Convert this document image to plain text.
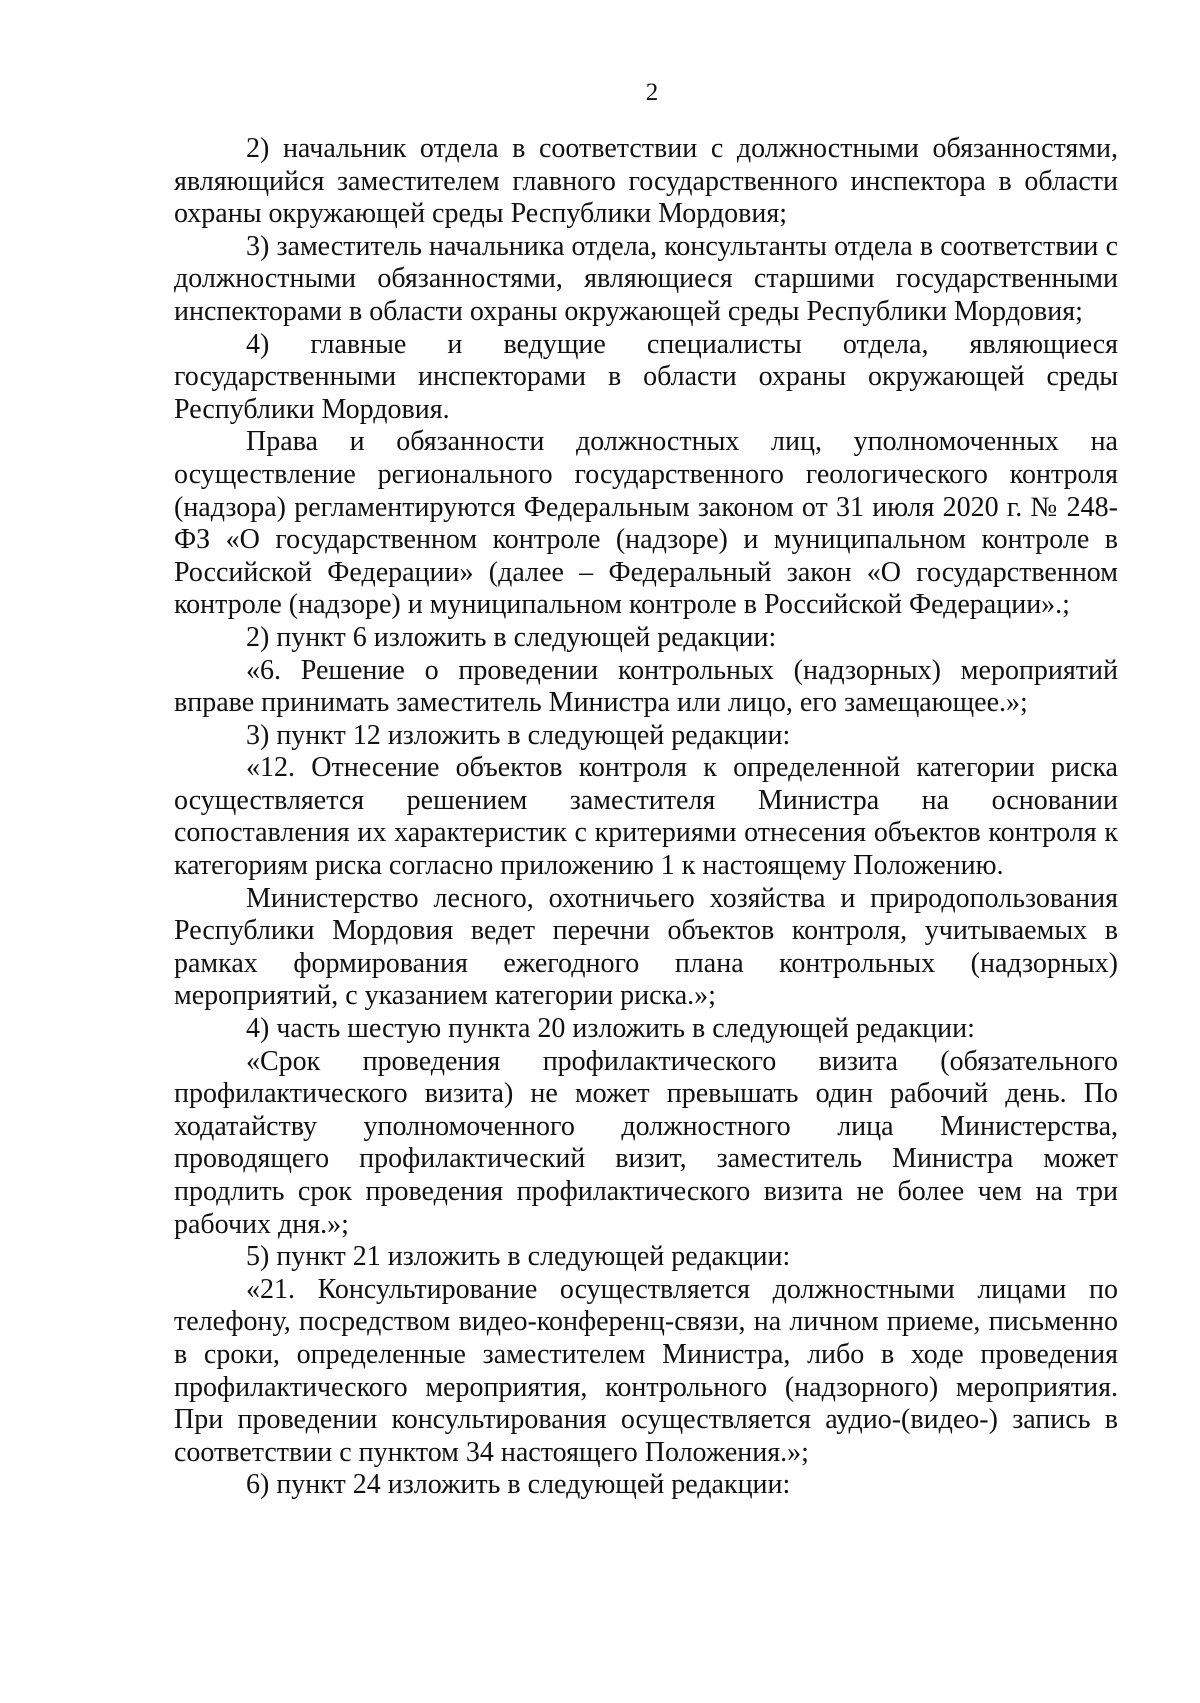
2

2) начальник отдела в соответствии с должностными обязанностями, являющийся заместителем главного государственного инспектора в области охраны окружающей среды Республики Мордовия;

3) заместитель начальника отдела, консультанты отдела в соответствии с должностными обязанностями, являющиеся старшими государственными инспекторами в области охраны окружающей среды Республики Мордовия;

4) главные и ведущие специалисты отдела, являющиеся государственными инспекторами в области охраны окружающей среды Республики Мордовия.

Права и обязанности должностных лиц, уполномоченных на осуществление регионального государственного геологического контроля (надзора) регламентируются Федеральным законом от 31 июля 2020 г. № 248-ФЗ «О государственном контроле (надзоре) и муниципальном контроле в Российской Федерации» (далее – Федеральный закон «О государственном контроле (надзоре) и муниципальном контроле в Российской Федерации».;

2) пункт 6 изложить в следующей редакции:

«6. Решение о проведении контрольных (надзорных) мероприятий вправе принимать заместитель Министра или лицо, его замещающее.»;

3) пункт 12 изложить в следующей редакции:

«12. Отнесение объектов контроля к определенной категории риска осуществляется решением заместителя Министра на основании сопоставления их характеристик с критериями отнесения объектов контроля к категориям риска согласно приложению 1 к настоящему Положению.

Министерство лесного, охотничьего хозяйства и природопользования Республики Мордовия ведет перечни объектов контроля, учитываемых в рамках формирования ежегодного плана контрольных (надзорных) мероприятий, с указанием категории риска.»;

4) часть шестую пункта 20 изложить в следующей редакции:

«Срок проведения профилактического визита (обязательного профилактического визита) не может превышать один рабочий день. По ходатайству уполномоченного должностного лица Министерства, проводящего профилактический визит, заместитель Министра может продлить срок проведения профилактического визита не более чем на три рабочих дня.»;

5) пункт 21 изложить в следующей редакции:

«21. Консультирование осуществляется должностными лицами по телефону, посредством видео-конференц-связи, на личном приеме, письменно в сроки, определенные заместителем Министра, либо в ходе проведения профилактического мероприятия, контрольного (надзорного) мероприятия. При проведении консультирования осуществляется аудио-(видео-) запись в соответствии с пунктом 34 настоящего Положения.»;

6) пункт 24 изложить в следующей редакции:
